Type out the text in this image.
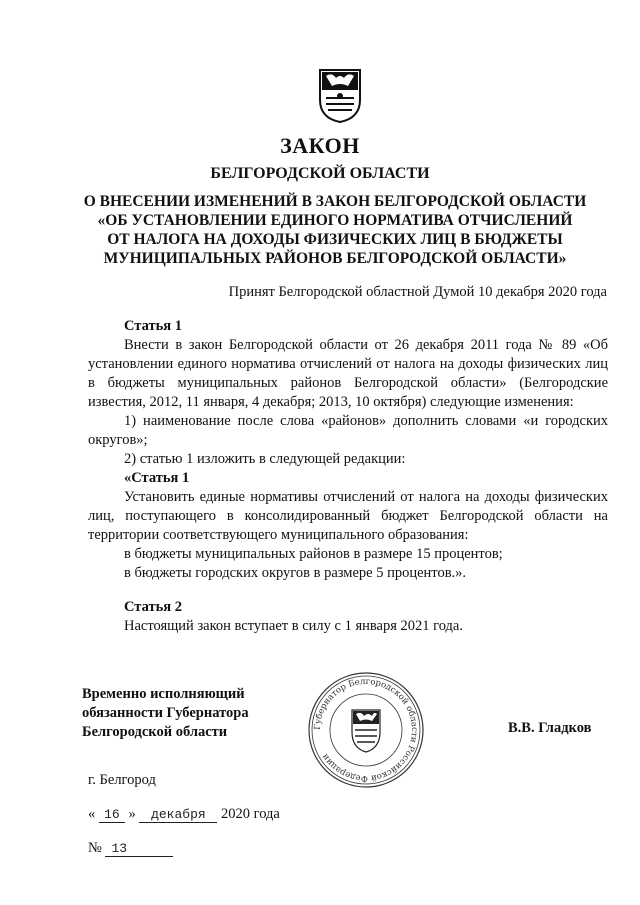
ЗАКОН
БЕЛГОРОДСКОЙ ОБЛАСТИ
О ВНЕСЕНИИ ИЗМЕНЕНИЙ В ЗАКОН БЕЛГОРОДСКОЙ ОБЛАСТИ
«ОБ УСТАНОВЛЕНИИ ЕДИНОГО НОРМАТИВА ОТЧИСЛЕНИЙ
ОТ НАЛОГА НА ДОХОДЫ ФИЗИЧЕСКИХ ЛИЦ В БЮДЖЕТЫ
МУНИЦИПАЛЬНЫХ РАЙОНОВ БЕЛГОРОДСКОЙ ОБЛАСТИ»
Принят Белгородской областной Думой 10 декабря 2020 года
Статья 1
Внести в закон Белгородской области от 26 декабря 2011 года № 89 «Об установлении единого норматива отчислений от налога на доходы физических лиц в бюджеты муниципальных районов Белгородской области» (Белгородские известия, 2012, 11 января, 4 декабря; 2013, 10 октября) следующие изменения:
1) наименование после слова «районов» дополнить словами «и городских округов»;
2) статью 1 изложить в следующей редакции:
«Статья 1
Установить единые нормативы отчислений от налога на доходы физических лиц, поступающего в консолидированный бюджет Белгородской области на территории соответствующего муниципального образования:
в бюджеты муниципальных районов в размере 15 процентов;
в бюджеты городских округов в размере 5 процентов.».
Статья 2
Настоящий закон вступает в силу с 1 января 2021 года.
Временно исполняющий
обязанности Губернатора
Белгородской области	Губернатор Белгородской области Российской Федерации
В.В. Гладков
г. Белгород
« 16 » декабря 2020 года
№ 13
